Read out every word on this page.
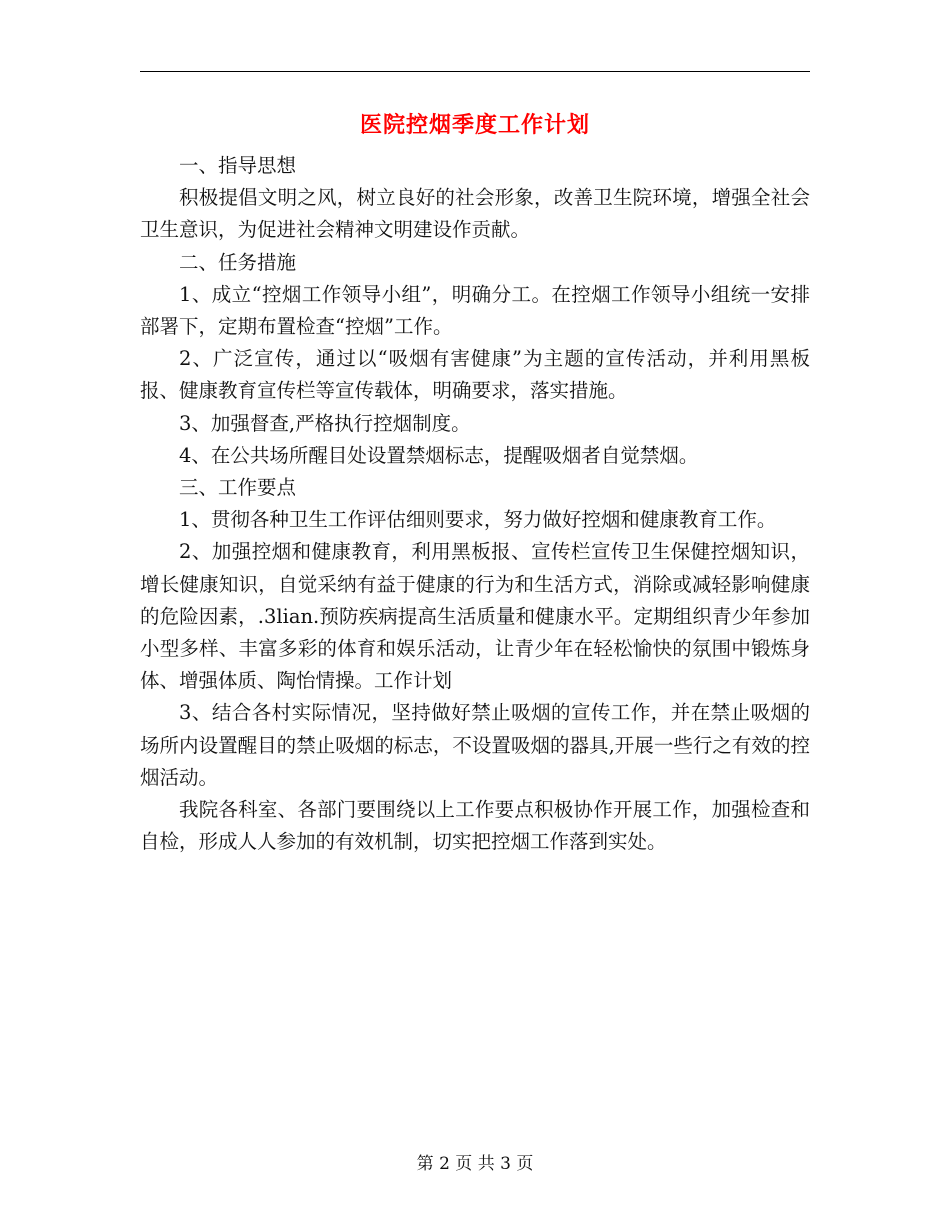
医院控烟季度工作计划

一、指导思想

积极提倡文明之风，树立良好的社会形象，改善卫生院环境，增强全社会卫生意识，为促进社会精神文明建设作贡献。

二、任务措施

1、成立“控烟工作领导小组”，明确分工。在控烟工作领导小组统一安排部署下，定期布置检查“控烟”工作。

2、广泛宣传，通过以“吸烟有害健康”为主题的宣传活动，并利用黑板报、健康教育宣传栏等宣传载体，明确要求，落实措施。

3、加强督查,严格执行控烟制度。

4、在公共场所醒目处设置禁烟标志，提醒吸烟者自觉禁烟。

三、工作要点

1、贯彻各种卫生工作评估细则要求，努力做好控烟和健康教育工作。

2、加强控烟和健康教育，利用黑板报、宣传栏宣传卫生保健控烟知识，增长健康知识，自觉采纳有益于健康的行为和生活方式，消除或减轻影响健康的危险因素，.3lian.预防疾病提高生活质量和健康水平。定期组织青少年参加小型多样、丰富多彩的体育和娱乐活动，让青少年在轻松愉快的氛围中锻炼身体、增强体质、陶怡情操。工作计划

3、结合各村实际情况，坚持做好禁止吸烟的宣传工作，并在禁止吸烟的场所内设置醒目的禁止吸烟的标志，不设置吸烟的器具,开展一些行之有效的控烟活动。

我院各科室、各部门要围绕以上工作要点积极协作开展工作，加强检查和自检，形成人人参加的有效机制，切实把控烟工作落到实处。

第 2 页 共 3 页
